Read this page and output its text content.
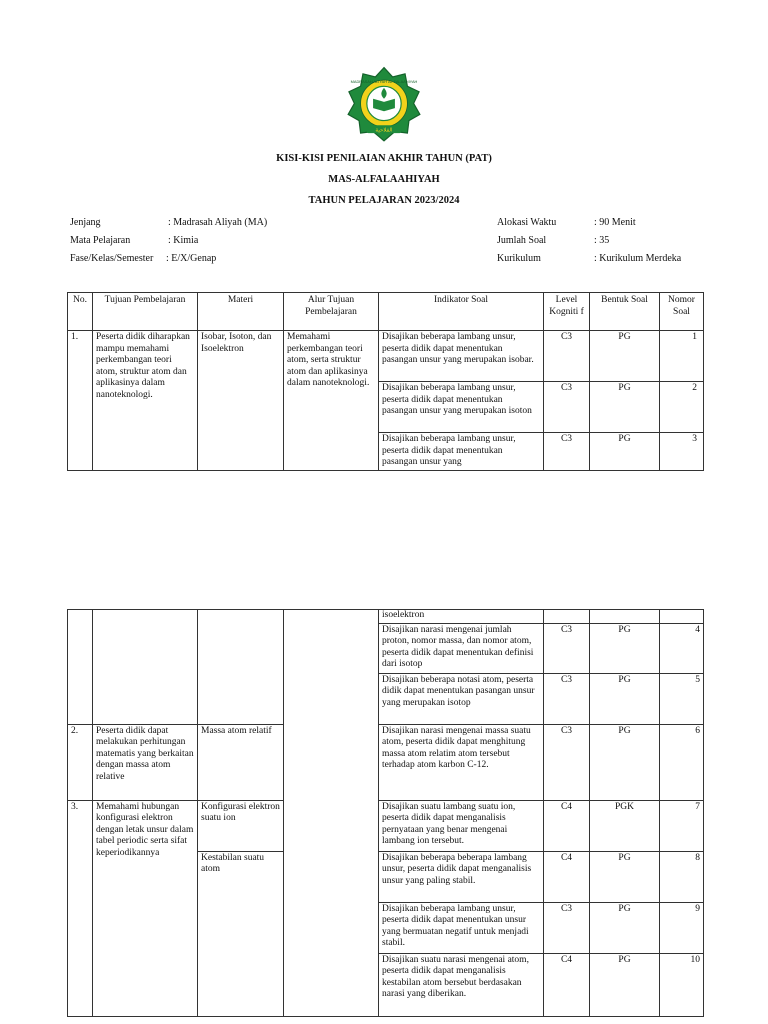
MADRASAH ALIYAH AL FALAAHIYAH
الفلاحية
KISI-KISI PENILAIAN AKHIR TAHUN (PAT)
MAS-ALFALAAHIYAH
TAHUN PELAJARAN 2023/2024
Jenjang	: Madrasah Aliyah (MA)
Mata Pelajaran	: Kimia
Fase/Kelas/Semester : E/X/Genap
Alokasi Waktu	: 90 Menit
Jumlah Soal	: 35
Kurikulum	: Kurikulum Merdeka
No.	Tujuan Pembelajaran	Materi	Alur Tujuan Pembelajaran	Indikator Soal	Level Kogniti f	Bentuk Soal	Nomor Soal
1.	Peserta didik diharapkan mampu memahami perkembangan teori atom, struktur atom dan aplikasinya dalam nanoteknologi.	Isobar, Isoton, dan Isoelektron	Memahami perkembangan teori atom, serta struktur atom dan aplikasinya dalam nanoteknologi.	Disajikan beberapa lambang unsur, peserta didik dapat menentukan pasangan unsur yang merupakan isobar.	C3	PG	1
				Disajikan beberapa lambang unsur, peserta didik dapat menentukan pasangan unsur yang merupakan isoton	C3	PG	2
				Disajikan beberapa lambang unsur, peserta didik dapat menentukan pasangan unsur yang	C3	PG	3
				isoelektron			
				Disajikan narasi mengenai jumlah proton, nomor massa, dan nomor atom, peserta didik dapat menentukan definisi dari isotop	C3	PG	4
				Disajikan beberapa notasi atom, peserta didik dapat menentukan pasangan unsur yang merupakan isotop	C3	PG	5
2.	Peserta didik dapat melakukan perhitungan matematis yang berkaitan dengan massa atom relative	Massa atom relatif		Disajikan narasi mengenai massa suatu atom, peserta didik dapat menghitung massa atom relatim atom tersebut terhadap atom karbon C-12.	C3	PG	6
3.	Memahami hubungan konfigurasi elektron dengan letak unsur dalam tabel periodic serta sifat keperiodikannya	Konfigurasi elektron suatu ion		Disajikan suatu lambang suatu ion, peserta didik dapat menganalisis pernyataan yang benar mengenai lambang ion tersebut.	C4	PGK	7
		Kestabilan suatu atom		Disajikan beberapa beberapa lambang unsur, peserta didik dapat menganalisis unsur yang paling stabil.	C4	PG	8
				Disajikan beberapa lambang unsur, peserta didik dapat menentukan unsur yang bermuatan negatif untuk menjadi stabil.	C3	PG	9
				Disajikan suatu narasi mengenai atom, peserta didik dapat menganalisis kestabilan atom bersebut berdasakan narasi yang diberikan.	C4	PG	10
